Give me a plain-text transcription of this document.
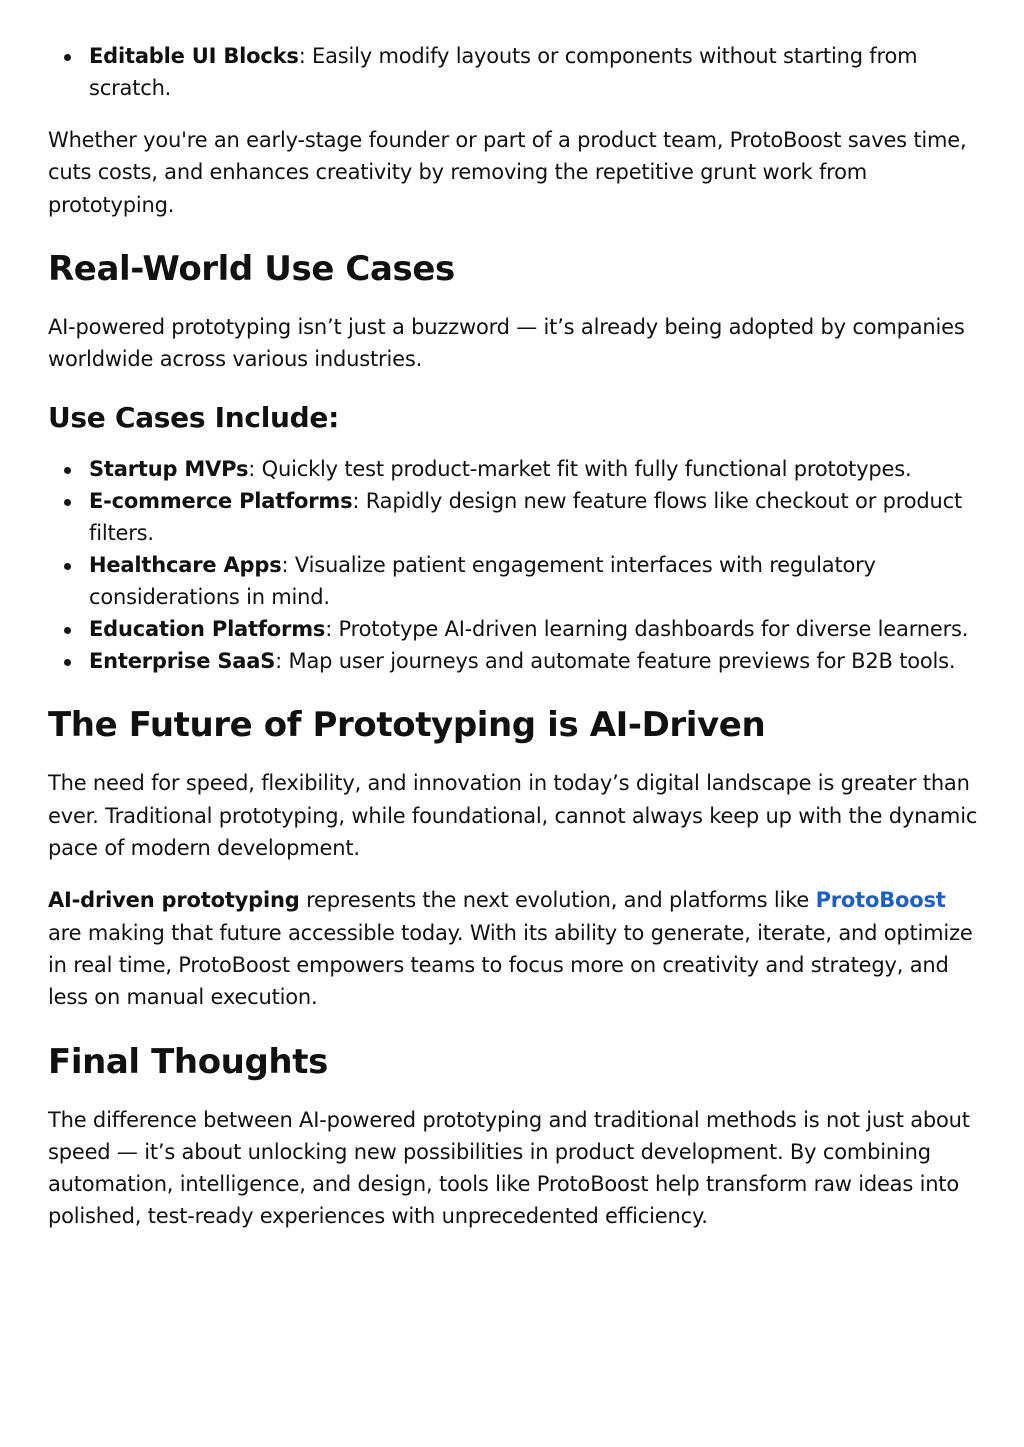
Editable UI Blocks: Easily modify layouts or components without starting from scratch.

Whether you're an early-stage founder or part of a product team, ProtoBoost saves time, cuts costs, and enhances creativity by removing the repetitive grunt work from prototyping.

Real-World Use Cases

AI-powered prototyping isn’t just a buzzword — it’s already being adopted by companies worldwide across various industries.

Use Cases Include:
Startup MVPs: Quickly test product-market fit with fully functional prototypes.
E-commerce Platforms: Rapidly design new feature flows like checkout or product filters.
Healthcare Apps: Visualize patient engagement interfaces with regulatory considerations in mind.
Education Platforms: Prototype AI-driven learning dashboards for diverse learners.
Enterprise SaaS: Map user journeys and automate feature previews for B2B tools.
The Future of Prototyping is AI-Driven

The need for speed, flexibility, and innovation in today’s digital landscape is greater than ever. Traditional prototyping, while foundational, cannot always keep up with the dynamic pace of modern development.

AI-driven prototyping represents the next evolution, and platforms like ProtoBoost are making that future accessible today. With its ability to generate, iterate, and optimize in real time, ProtoBoost empowers teams to focus more on creativity and strategy, and less on manual execution.

Final Thoughts

The difference between AI-powered prototyping and traditional methods is not just about speed — it’s about unlocking new possibilities in product development. By combining automation, intelligence, and design, tools like ProtoBoost help transform raw ideas into polished, test-ready experiences with unprecedented efficiency.
